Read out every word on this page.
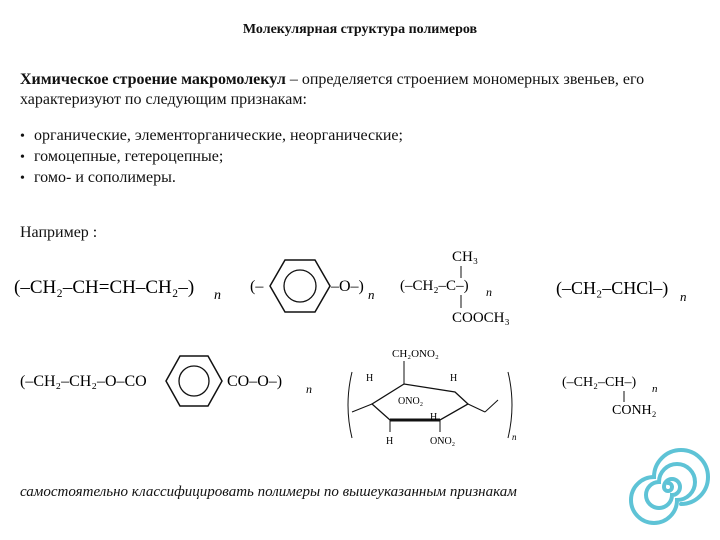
Молекулярная структура полимеров
Химическое строение макромолекул – определяется строением мономерных звеньев, его характеризуют по следующим признакам:
• органические, элементорганические, неорганические;
• гомоцепные, гетероцепные;
• гомо- и сополимеры.
Например :
(–CH₂–CH=CH–CH₂–) n
(–	–O–) n
CH₃
(–CH₂–C–) n
COOCH₃
(–CH₂–CHCl–) n
(–CH₂–CH₂–O–CO	CO–O–) n
CH₂ONO₂
H	H
ONO₂
H	ONO₂
H
n
(–CH₂–CH–) n
CONH₂
самостоятельно классифицировать полимеры по вышеуказанным признакам
